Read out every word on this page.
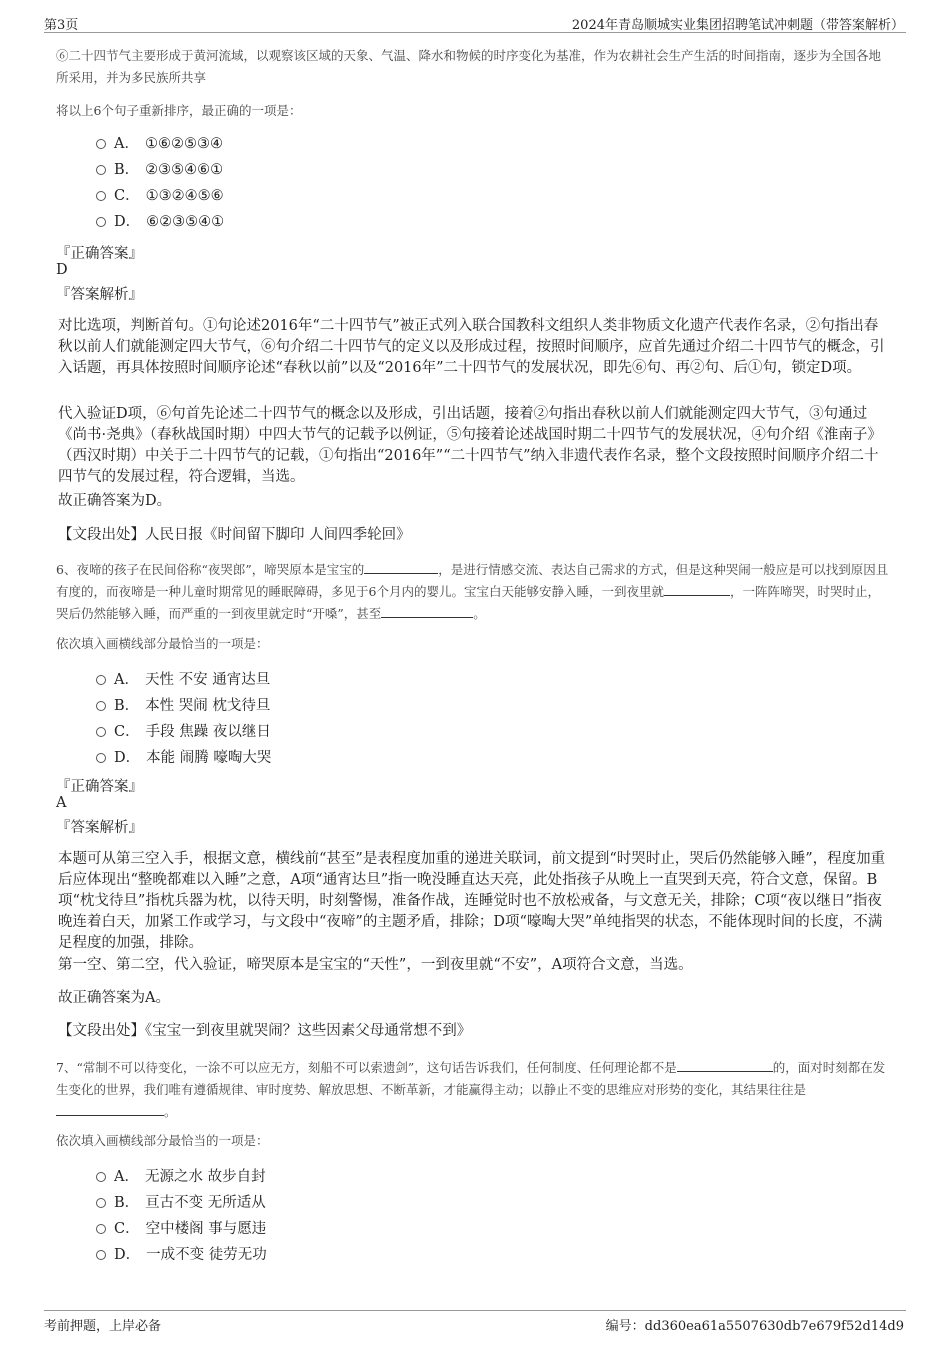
第3页	2024年青岛顺城实业集团招聘笔试冲刺题（带答案解析）
⑥二十四节气主要形成于黄河流域，以观察该区域的天象、气温、降水和物候的时序变化为基准，作为农耕社会生产生活的时间指南，逐步为全国各地所采用，并为多民族所共享
将以上6个句子重新排序，最正确的一项是：
A． ①⑥②⑤③④
B． ②③⑤④⑥①
C． ①③②④⑤⑥
D． ⑥②③⑤④①
『正确答案』
D
『答案解析』
对比选项，判断首句。①句论述2016年“二十四节气”被正式列入联合国教科文组织人类非物质文化遗产代表作名录，②句指出春秋以前人们就能测定四大节气，⑥句介绍二十四节气的定义以及形成过程，按照时间顺序，应首先通过介绍二十四节气的概念，引入话题，再具体按照时间顺序论述“春秋以前”以及“2016年”二十四节气的发展状况，即先⑥句、再②句、后①句，锁定D项。
代入验证D项，⑥句首先论述二十四节气的概念以及形成，引出话题，接着②句指出春秋以前人们就能测定四大节气，③句通过《尚书·尧典》（春秋战国时期）中四大节气的记载予以例证，⑤句接着论述战国时期二十四节气的发展状况，④句介绍《淮南子》（西汉时期）中关于二十四节气的记载，①句指出“2016年”“二十四节气”纳入非遗代表作名录，整个文段按照时间顺序介绍二十四节气的发展过程，符合逻辑，当选。
故正确答案为D。
【文段出处】人民日报《时间留下脚印 人间四季轮回》
6、夜啼的孩子在民间俗称“夜哭郎”，啼哭原本是宝宝的	，是进行情感交流、表达自己需求的方式，但是这种哭闹一般应是可以找到原因且有度的，而夜啼是一种儿童时期常见的睡眠障碍，多见于6个月内的婴儿。宝宝白天能够安静入睡，一到夜里就	，一阵阵啼哭，时哭时止，哭后仍然能够入睡，而严重的一到夜里就定时“开嗓”，甚至	。
依次填入画横线部分最恰当的一项是：
A． 天性 不安 通宵达旦
B． 本性 哭闹 枕戈待旦
C． 手段 焦躁 夜以继日
D． 本能 闹腾 嚎啕大哭
『正确答案』
A
『答案解析』
本题可从第三空入手，根据文意，横线前“甚至”是表程度加重的递进关联词，前文提到“时哭时止，哭后仍然能够入睡”，程度加重后应体现出“整晚都难以入睡”之意，A项“通宵达旦”指一晚没睡直达天亮，此处指孩子从晚上一直哭到天亮，符合文意，保留。B项“枕戈待旦”指枕兵器为枕，以待天明，时刻警惕，准备作战，连睡觉时也不放松戒备，与文意无关，排除；C项“夜以继日”指夜晚连着白天，加紧工作或学习，与文段中“夜啼”的主题矛盾，排除；D项“嚎啕大哭”单纯指哭的状态，不能体现时间的长度，不满足程度的加强，排除。
第一空、第二空，代入验证，啼哭原本是宝宝的“天性”，一到夜里就“不安”，A项符合文意，当选。
故正确答案为A。
【文段出处】《宝宝一到夜里就哭闹？这些因素父母通常想不到》
7、“常制不可以待变化，一涂不可以应无方，刻船不可以索遗剑”，这句话告诉我们，任何制度、任何理论都不是	的，面对时刻都在发生变化的世界，我们唯有遵循规律、审时度势、解放思想、不断革新，才能赢得主动；以静止不变的思维应对形势的变化，其结果往往是。
依次填入画横线部分最恰当的一项是：
A． 无源之水 故步自封
B． 亘古不变 无所适从
C． 空中楼阁 事与愿违
D． 一成不变 徒劳无功
考前押题，上岸必备	编号：dd360ea61a5507630db7e679f52d14d9
